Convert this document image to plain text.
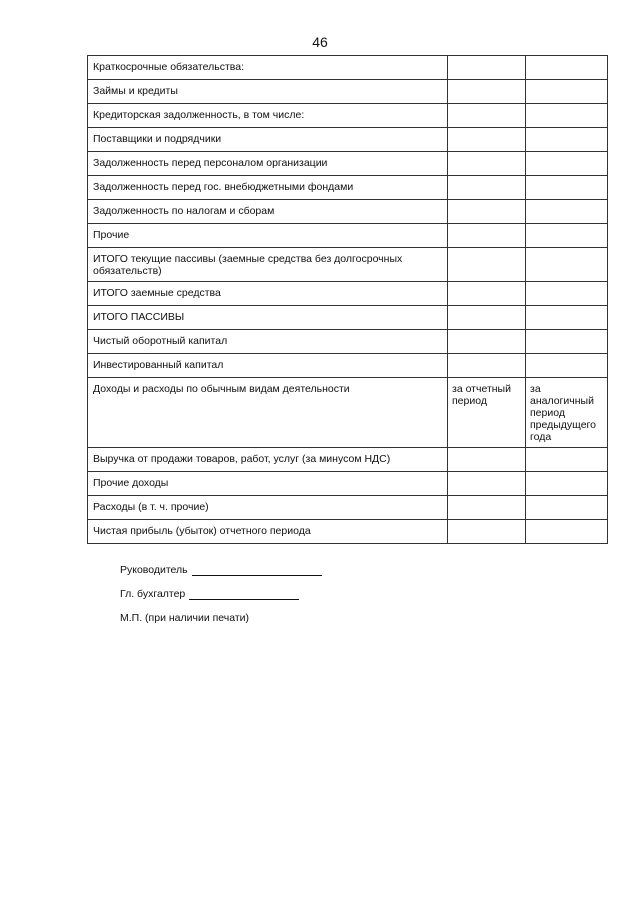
46
Краткосрочные обязательства:		
Займы и кредиты		
Кредиторская задолженность, в том числе:		
Поставщики и подрядчики		
Задолженность перед персоналом организации		
Задолженность перед гос. внебюджетными фондами		
Задолженность по налогам и сборам		
Прочие		
ИТОГО текущие пассивы (заемные средства без долгосрочных обязательств)		
ИТОГО заемные средства		
ИТОГО ПАССИВЫ		
Чистый оборотный капитал		
Инвестированный капитал		
Доходы и расходы по обычным видам деятельности	за отчетный период	за аналогичный период предыдущего года
Выручка от продажи товаров, работ, услуг (за минусом НДС)		
Прочие доходы		
Расходы (в т. ч. прочие)		
Чистая прибыль (убыток) отчетного периода		
Руководитель
Гл. бухгалтер
М.П. (при наличии печати)
